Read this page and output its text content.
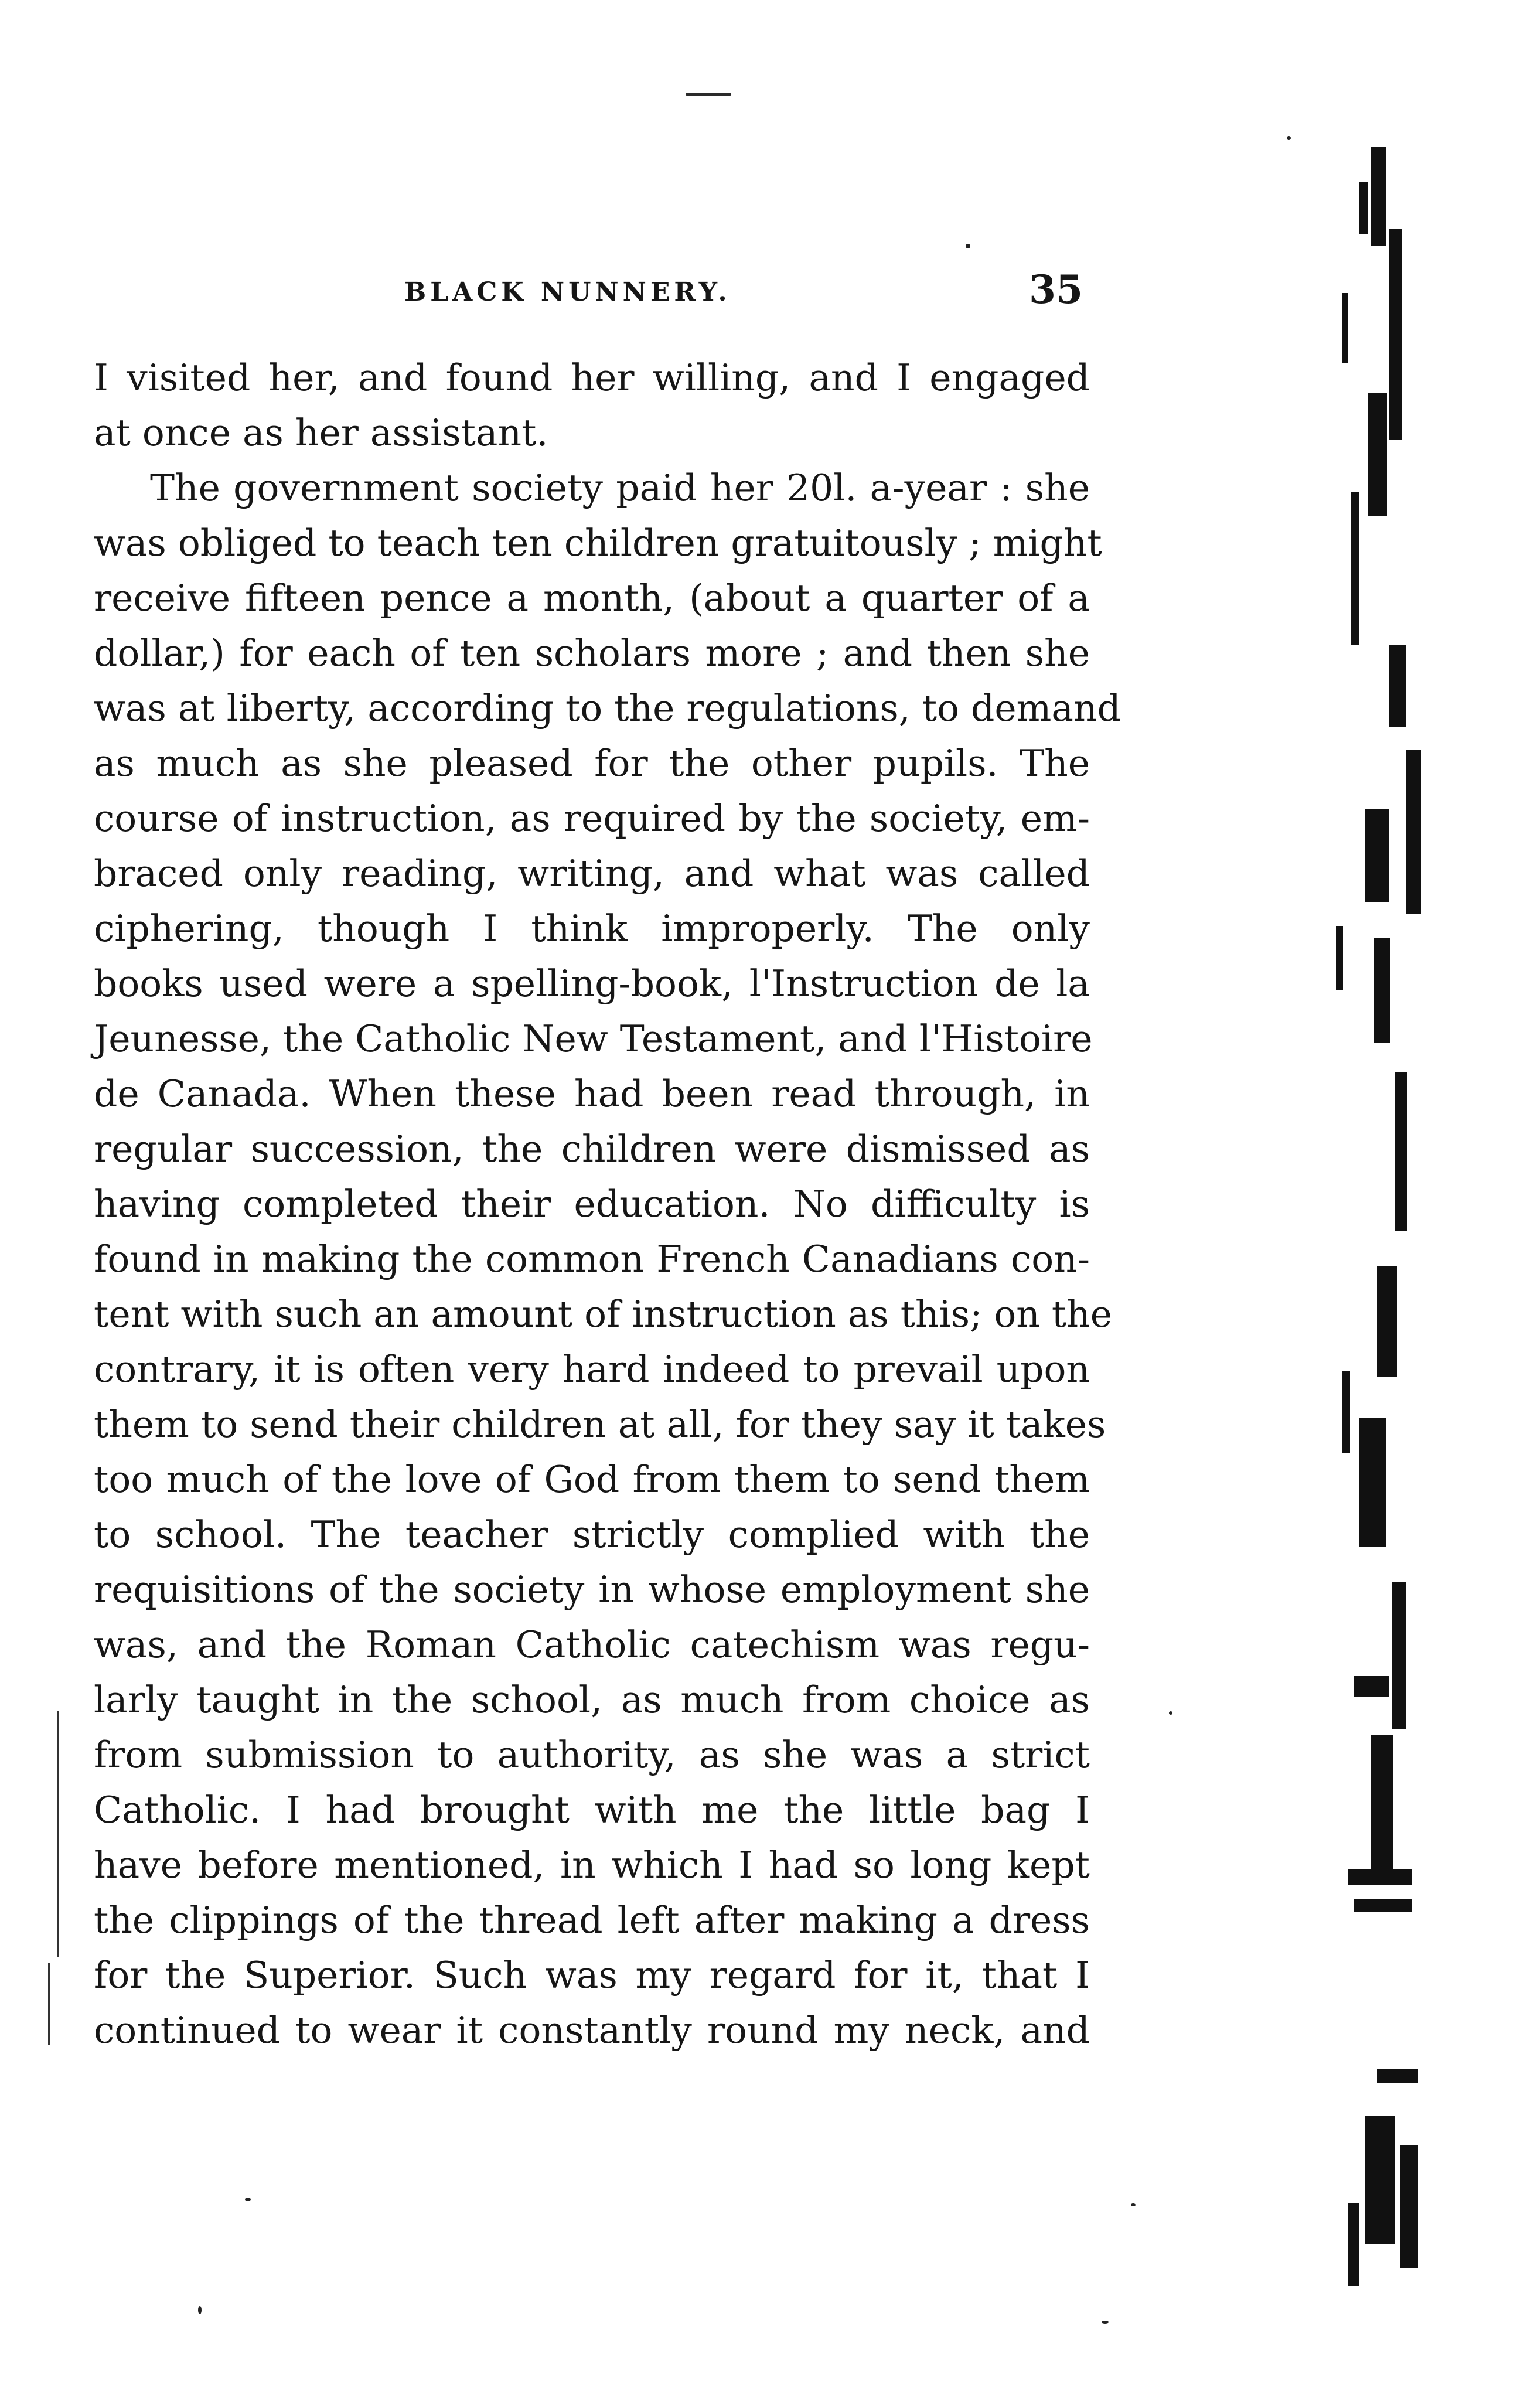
BLACK NUNNERY.	35
I visited her, and found her willing, and I engaged
at once as her assistant.
The government society paid her 20l. a-year : she
was obliged to teach ten children gratuitously ; might
receive fifteen pence a month, (about a quarter of a
dollar,) for each of ten scholars more ; and then she
was at liberty, according to the regulations, to demand
as much as she pleased for the other pupils. The
course of instruction, as required by the society, em-
braced only reading, writing, and what was called
ciphering, though I think improperly. The only
books used were a spelling-book, l'Instruction de la
Jeunesse, the Catholic New Testament, and l'Histoire
de Canada. When these had been read through, in
regular succession, the children were dismissed as
having completed their education. No difficulty is
found in making the common French Canadians con-
tent with such an amount of instruction as this; on the
contrary, it is often very hard indeed to prevail upon
them to send their children at all, for they say it takes
too much of the love of God from them to send them
to school. The teacher strictly complied with the
requisitions of the society in whose employment she
was, and the Roman Catholic catechism was regu-
larly taught in the school, as much from choice as
from submission to authority, as she was a strict
Catholic. I had brought with me the little bag I
have before mentioned, in which I had so long kept
the clippings of the thread left after making a dress
for the Superior. Such was my regard for it, that I
continued to wear it constantly round my neck, and
